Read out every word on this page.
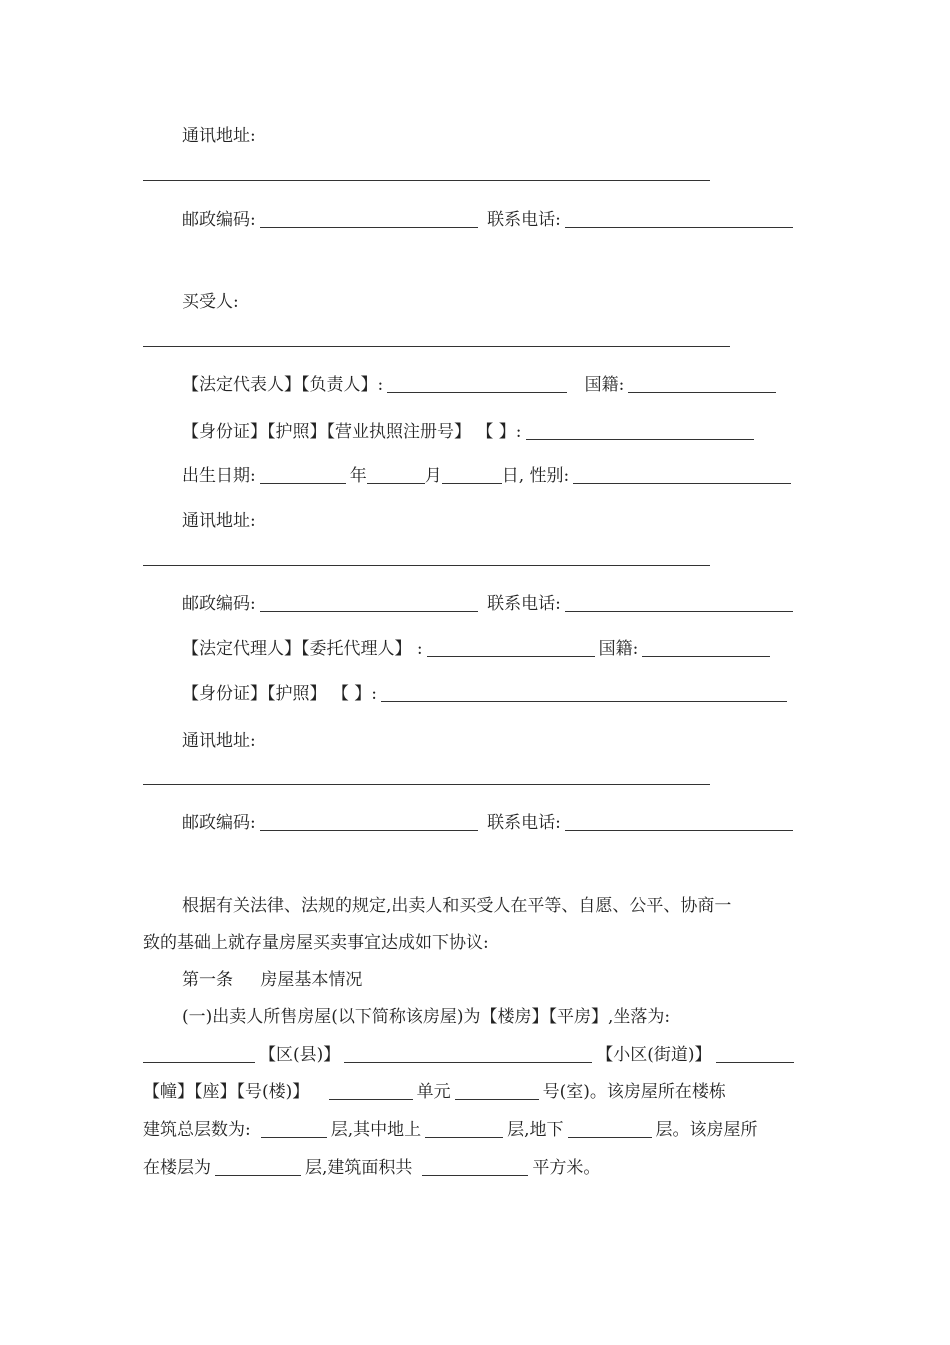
通讯地址:
邮政编码:	联系电话:
买受人:
【法定代表人】【负责人】:	国籍:
【身份证】【护照】【营业执照注册号】 【 】:
出生日期:	年	月	日, 性别:
通讯地址:
邮政编码:	联系电话:
【法定代理人】【委托代理人】 :	国籍:
【身份证】【护照】 【 】:
通讯地址:
邮政编码:	联系电话:
根据有关法律、法规的规定,出卖人和买受人在平等、自愿、公平、协商一
致的基础上就存量房屋买卖事宜达成如下协议:
第一条 房屋基本情况
(一)出卖人所售房屋(以下简称该房屋)为【楼房】【平房】,坐落为:
【区(县)】	【小区(街道)】
【幢】【座】【号(楼)】	单元	号(室)。该房屋所在楼栋
建筑总层数为:	层,其中地上	层,地下	层。该房屋所
在楼层为	层,建筑面积共	平方米。
